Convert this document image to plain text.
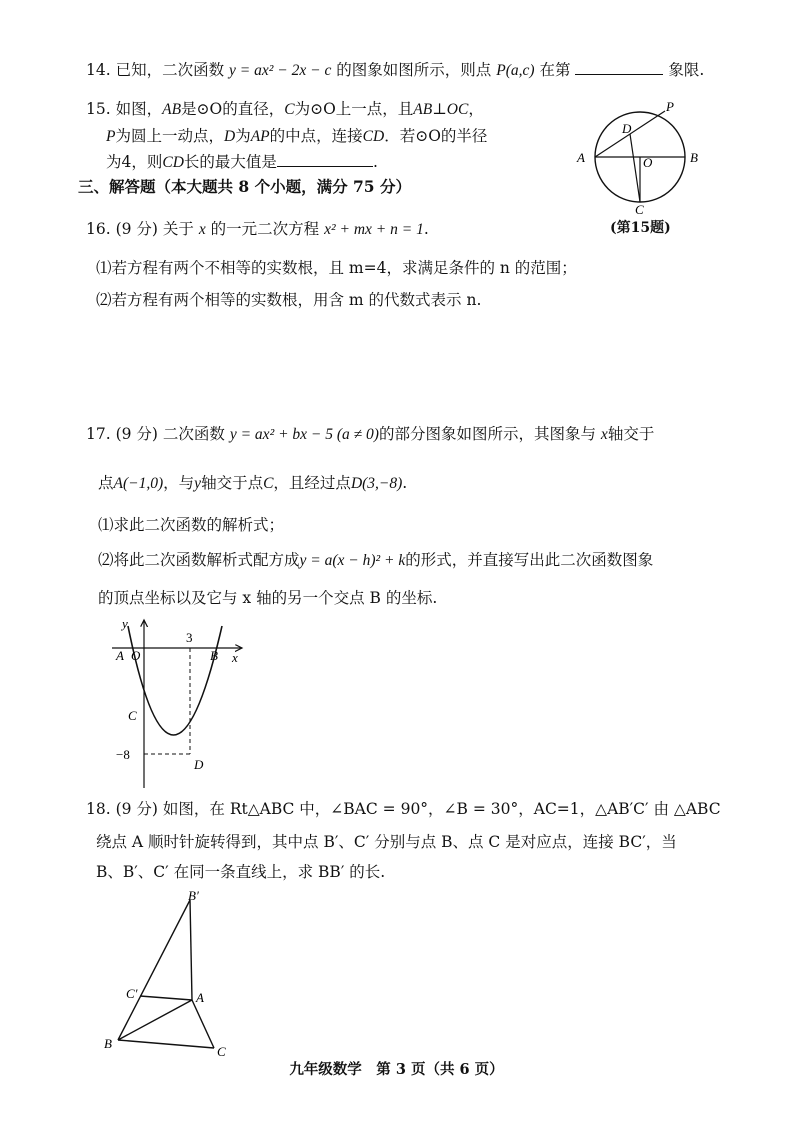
14. 已知，二次函数 y = ax² − 2x − c 的图象如图所示，则点 P(a,c) 在第	象限.
15. 如图，AB是⊙O的直径，C为⊙O上一点，且AB⊥OC，
P为圆上一动点，D为AP的中点，连接CD．若⊙O的半径
为4，则CD长的最大值是	.	A	B
O
C
P
D
(第15题)
三、解答题（本大题共 8 个小题，满分 75 分）
16. (9 分) 关于 x 的一元二次方程 x² + mx + n = 1.
⑴若方程有两个不相等的实数根，且 m=4，求满足条件的 n 的范围；
⑵若方程有两个相等的实数根，用含 m 的代数式表示 n.
17. (9 分) 二次函数 y = ax² + bx − 5 (a ≠ 0)的部分图象如图所示，其图象与 x轴交于
点A(−1,0)，与y轴交于点C，且经过点D(3,−8).
⑴求此二次函数的解析式；
⑵将此二次函数解析式配方成y = a(x − h)² + k的形式，并直接写出此二次函数图象
的顶点坐标以及它与 x 轴的另一个交点 B 的坐标.
y
x
A O	B
3
C
−8
D
18. (9 分) 如图，在 Rt△ABC 中，∠BAC = 90°，∠B = 30°，AC=1，△AB′C′ 由 △ABC
绕点 A 顺时针旋转得到，其中点 B′、C′ 分别与点 B、点 C 是对应点，连接 BC′，当
B、B′、C′ 在同一条直线上，求 BB′ 的长.
B′
C′	A
B
C
九年级数学　第 3 页（共 6 页）
